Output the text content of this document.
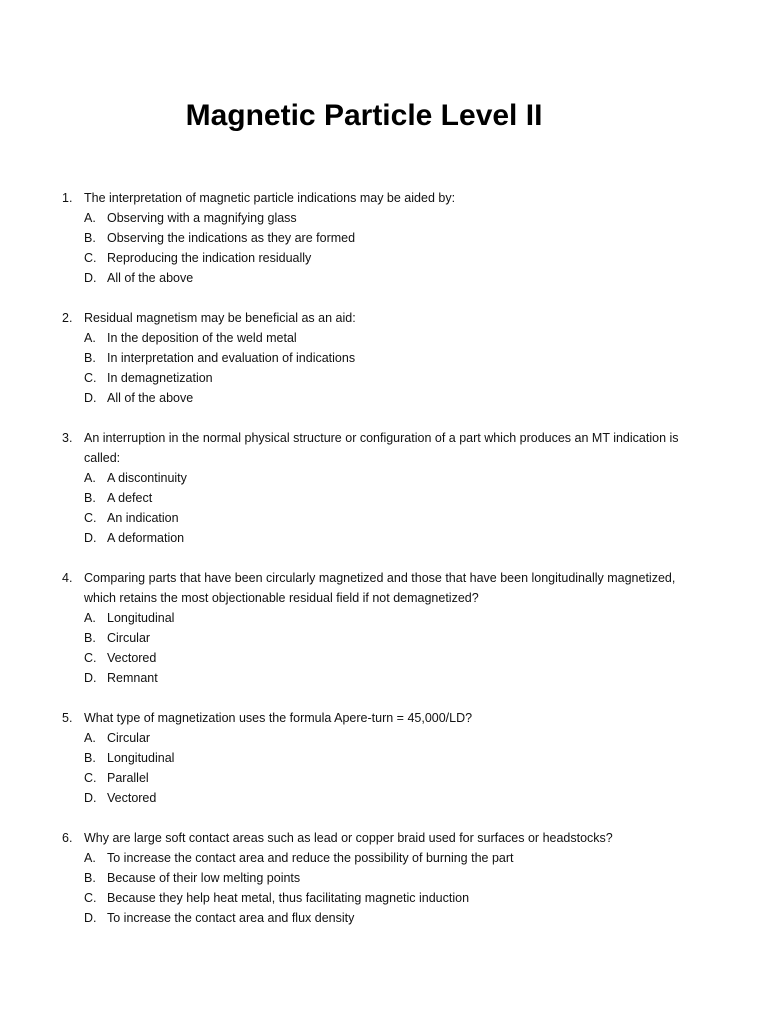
Magnetic Particle Level II
1. The interpretation of magnetic particle indications may be aided by:
A. Observing with a magnifying glass
B. Observing the indications as they are formed
C. Reproducing the indication residually
D. All of the above
2. Residual magnetism may be beneficial as an aid:
A. In the deposition of the weld metal
B. In interpretation and evaluation of indications
C. In demagnetization
D. All of the above
3. An interruption in the normal physical structure or configuration of a part which produces an MT indication is called:
A. A discontinuity
B. A defect
C. An indication
D. A deformation
4. Comparing parts that have been circularly magnetized and those that have been longitudinally magnetized, which retains the most objectionable residual field if not demagnetized?
A. Longitudinal
B. Circular
C. Vectored
D. Remnant
5. What type of magnetization uses the formula Apere-turn = 45,000/LD?
A. Circular
B. Longitudinal
C. Parallel
D. Vectored
6. Why are large soft contact areas such as lead or copper braid used for surfaces or headstocks?
A. To increase the contact area and reduce the possibility of burning the part
B. Because of their low melting points
C. Because they help heat metal, thus facilitating magnetic induction
D. To increase the contact area and flux density
